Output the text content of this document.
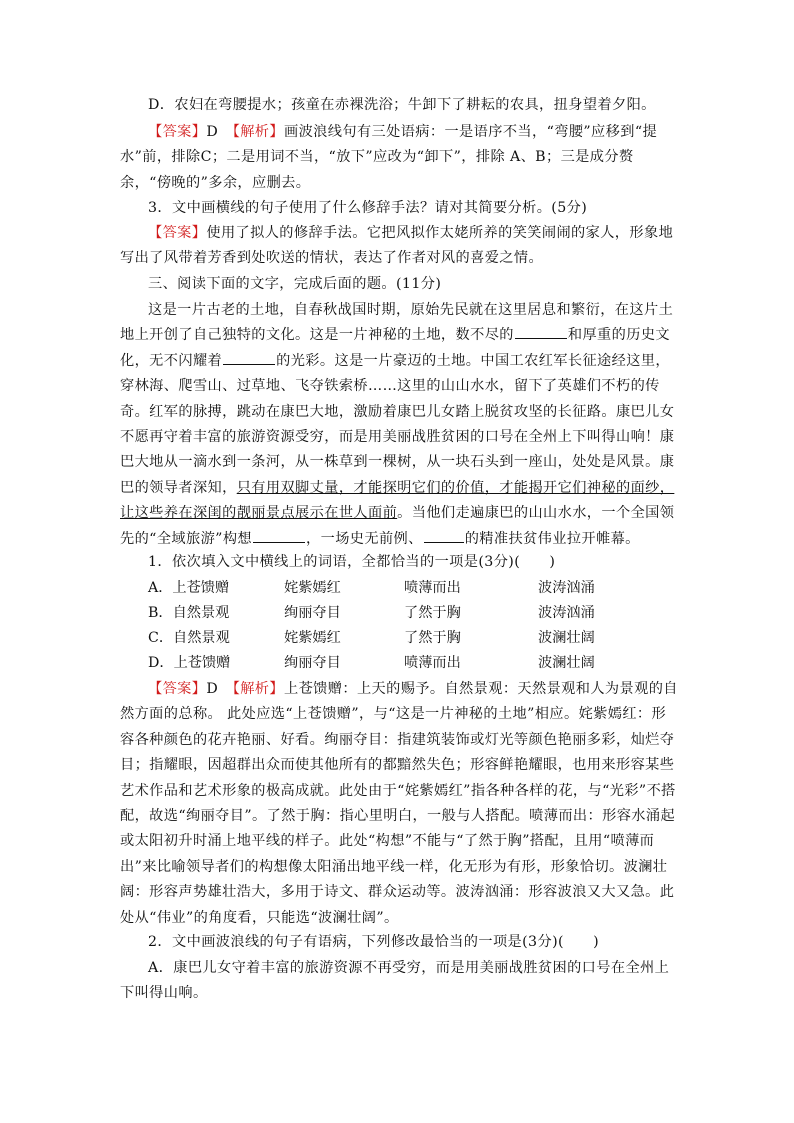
D．农妇在弯腰提水；孩童在赤裸洗浴；牛卸下了耕耘的农具，扭身望着夕阳。
【答案】D　【解析】画波浪线句有三处语病：一是语序不当，“弯腰”应移到“提水”前，排除C；二是用词不当，“放下”应改为“卸下”，排除 A、B；三是成分赘余，“傍晚的”多余，应删去。
3．文中画横线的句子使用了什么修辞手法？请对其简要分析。(5分)
【答案】使用了拟人的修辞手法。它把风拟作太姥所养的笑笑闹闹的家人，形象地写出了风带着芳香到处吹送的情状，表达了作者对风的喜爱之情。
三、阅读下面的文字，完成后面的题。(11分)
这是一片古老的土地，自春秋战国时期，原始先民就在这里居息和繁衍，在这片土地上开创了自己独特的文化。这是一片神秘的土地，数不尽的	和厚重的历史文化，无不闪耀着	的光彩。这是一片豪迈的土地。中国工农红军长征途经这里，穿林海、爬雪山、过草地、飞夺铁索桥……这里的山山水水，留下了英雄们不朽的传奇。红军的脉搏，跳动在康巴大地，激励着康巴儿女踏上脱贫攻坚的长征路。康巴儿女不愿再守着丰富的旅游资源受穷，而是用美丽战胜贫困的口号在全州上下叫得山响！康巴大地从一滴水到一条河，从一株草到一棵树，从一块石头到一座山，处处是风景。康巴的领导者深知，只有用双脚丈量，才能探明它们的价值，才能揭开它们神秘的面纱，让这些养在深闺的靓丽景点展示在世人面前。当他们走遍康巴的山山水水，一个全国领先的“全域旅游”构想	，一场史无前例、	的精准扶贫伟业拉开帷幕。
1．依次填入文中横线上的词语，全都恰当的一项是(3分)(　　)
A．上苍馈赠	姹紫嫣红	喷薄而出	波涛汹涌
B．自然景观	绚丽夺目	了然于胸	波涛汹涌
C．自然景观	姹紫嫣红	了然于胸	波澜壮阔
D．上苍馈赠	绚丽夺目	喷薄而出	波澜壮阔
【答案】D　【解析】上苍馈赠：上天的赐予。自然景观：天然景观和人为景观的自然方面的总称。 此处应选“上苍馈赠”，与“这是一片神秘的土地”相应。姹紫嫣红：形容各种颜色的花卉艳丽、好看。绚丽夺目：指建筑装饰或灯光等颜色艳丽多彩，灿烂夺目；指耀眼，因超群出众而使其他所有的都黯然失色；形容鲜艳耀眼，也用来形容某些艺术作品和艺术形象的极高成就。此处由于“姹紫嫣红”指各种各样的花，与“光彩”不搭配，故选“绚丽夺目”。了然于胸：指心里明白，一般与人搭配。喷薄而出：形容水涌起或太阳初升时涌上地平线的样子。此处“构想”不能与“了然于胸”搭配，且用“喷薄而出”来比喻领导者们的构想像太阳涌出地平线一样，化无形为有形，形象恰切。波澜壮阔：形容声势雄壮浩大，多用于诗文、群众运动等。波涛汹涌：形容波浪又大又急。此处从“伟业”的角度看，只能选“波澜壮阔”。
2．文中画波浪线的句子有语病，下列修改最恰当的一项是(3分)(　　)
A．康巴儿女守着丰富的旅游资源不再受穷，而是用美丽战胜贫困的口号在全州上下叫得山响。
